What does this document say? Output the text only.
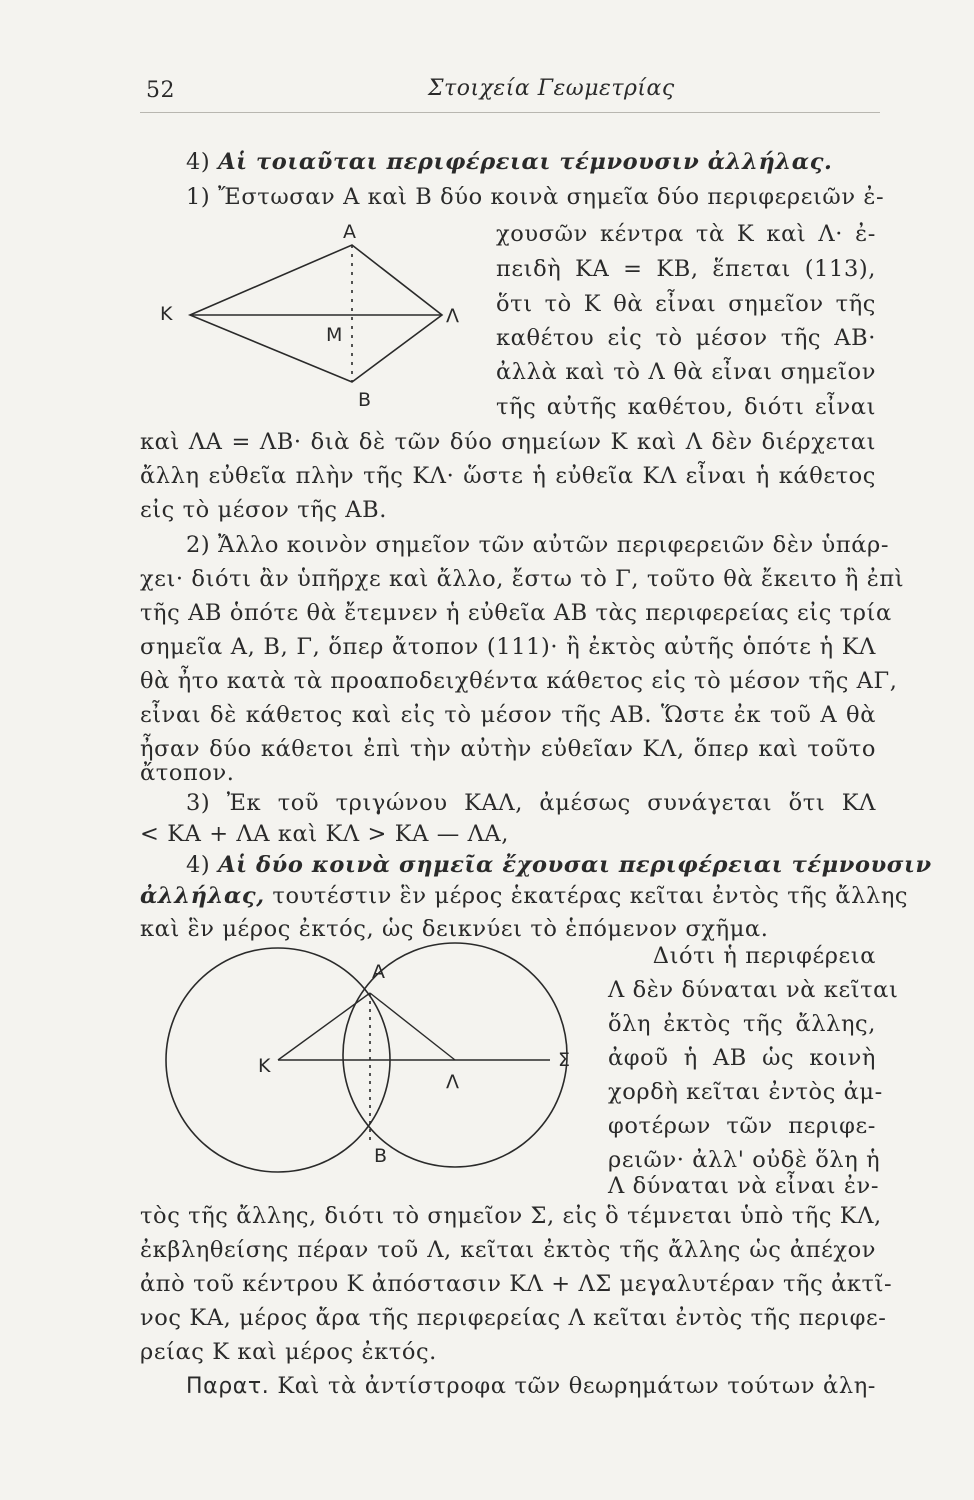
52	Στοιχεία Γεωμετρίας
4) Αἱ τοιαῦται περιφέρειαι τέμνουσιν ἀλλήλας.
1) Ἔστωσαν Α καὶ Β δύο κοινὰ σημεῖα δύο περιφερειῶν ἐ-
A
K
M
Λ
B
χουσῶν κέντρα τὰ Κ καὶ Λ· ἐ-
πειδὴ ΚΑ = ΚΒ, ἕπεται (113),
ὅτι τὸ Κ θὰ εἶναι σημεῖον τῆς
καθέτου εἰς τὸ μέσον τῆς ΑΒ·
ἀλλὰ καὶ τὸ Λ θὰ εἶναι σημεῖον
τῆς αὐτῆς καθέτου, διότι εἶναι
καὶ ΛΑ = ΛΒ· διὰ δὲ τῶν δύο σημείων Κ καὶ Λ δὲν διέρχεται
ἄλλη εὐθεῖα πλὴν τῆς ΚΛ· ὥστε ἡ εὐθεῖα ΚΛ εἶναι ἡ κάθετος
εἰς τὸ μέσον τῆς ΑΒ.
2) Ἄλλο κοινὸν σημεῖον τῶν αὐτῶν περιφερειῶν δὲν ὑπάρ-
χει· διότι ἂν ὑπῆρχε καὶ ἄλλο, ἔστω τὸ Γ, τοῦτο θὰ ἔκειτο ἢ ἐπὶ
τῆς ΑΒ ὁπότε θὰ ἔτεμνεν ἡ εὐθεῖα ΑΒ τὰς περιφερείας εἰς τρία
σημεῖα Α, Β, Γ, ὅπερ ἄτοπον (111)· ἢ ἐκτὸς αὐτῆς ὁπότε ἡ ΚΛ
θὰ ἦτο κατὰ τὰ προαποδειχθέντα κάθετος εἰς τὸ μέσον τῆς ΑΓ,
εἶναι δὲ κάθετος καὶ εἰς τὸ μέσον τῆς ΑΒ. Ὥστε ἐκ τοῦ Α θὰ
ἦσαν δύο κάθετοι ἐπὶ τὴν αὐτὴν εὐθεῖαν ΚΛ, ὅπερ καὶ τοῦτο
ἄτοπον.
3) Ἐκ τοῦ τριγώνου ΚΑΛ, ἀμέσως συνάγεται ὅτι ΚΛ
< ΚΑ + ΛΑ καὶ ΚΛ > ΚΑ — ΛΑ,
4) Αἱ δύο κοινὰ σημεῖα ἔχουσαι περιφέρειαι τέμνουσιν
ἀλλήλας, τουτέστιν ἓν μέρος ἑκατέρας κεῖται ἐντὸς τῆς ἄλλης
καὶ ἓν μέρος ἐκτός, ὡς δεικνύει τὸ ἑπόμενον σχῆμα.
A
K
Λ
Σ
B
Διότι ἡ περιφέρεια
Λ δὲν δύναται νὰ κεῖται
ὅλη ἐκτὸς τῆς ἄλλης,
ἀφοῦ ἡ ΑΒ ὡς κοινὴ
χορδὴ κεῖται ἐντὸς ἀμ-
φοτέρων τῶν περιφε-
ρειῶν· ἀλλ' οὐδὲ ὅλη ἡ
Λ δύναται νὰ εἶναι ἐν-
τὸς τῆς ἄλλης, διότι τὸ σημεῖον Σ, εἰς ὃ τέμνεται ὑπὸ τῆς ΚΛ,
ἐκβληθείσης πέραν τοῦ Λ, κεῖται ἐκτὸς τῆς ἄλλης ὡς ἀπέχον
ἀπὸ τοῦ κέντρου Κ ἀπόστασιν ΚΛ + ΛΣ μεγαλυτέραν τῆς ἀκτῖ-
νος ΚΑ, μέρος ἄρα τῆς περιφερείας Λ κεῖται ἐντὸς τῆς περιφε-
ρείας Κ καὶ μέρος ἐκτός.
Παρατ. Καὶ τὰ ἀντίστροφα τῶν θεωρημάτων τούτων ἀλη-
